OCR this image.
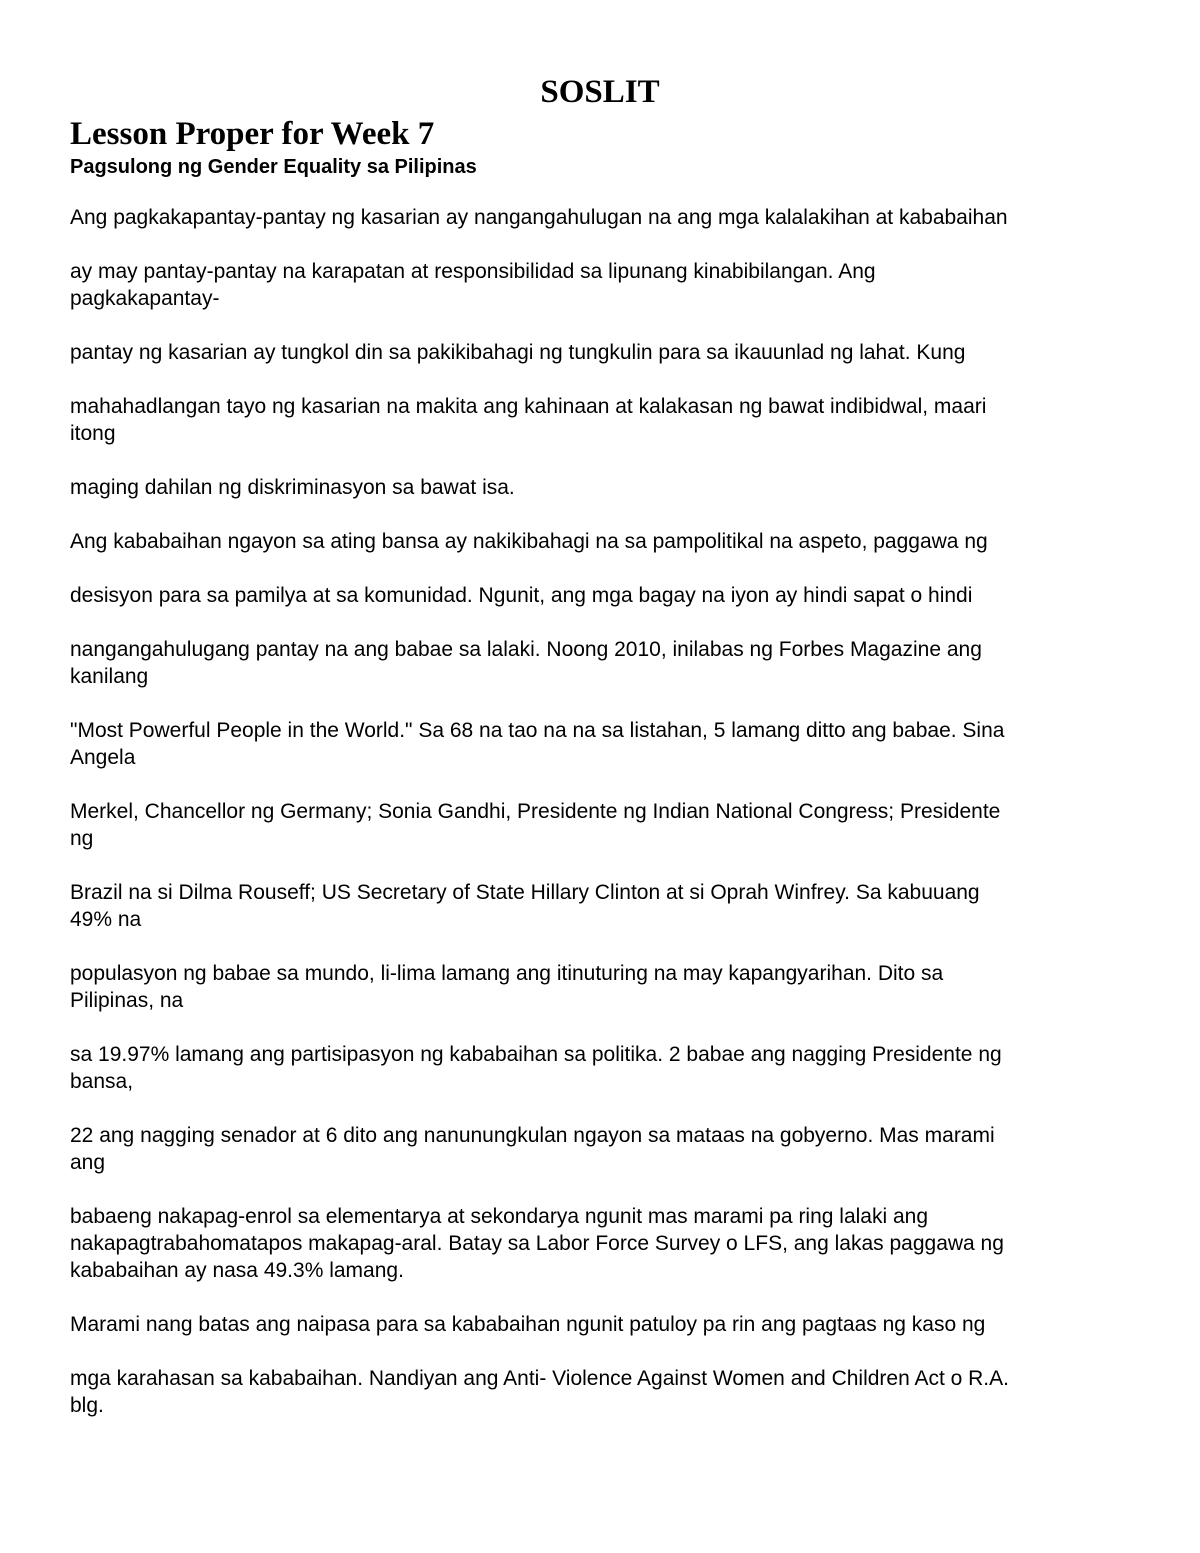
SOSLIT
Lesson Proper for Week 7
Pagsulong ng Gender Equality sa Pilipinas

Ang pagkakapantay-pantay ng kasarian ay nangangahulugan na ang mga kalalakihan at kababaihan

ay may pantay-pantay na karapatan at responsibilidad sa lipunang kinabibilangan. Ang
pagkakapantay-

pantay ng kasarian ay tungkol din sa pakikibahagi ng tungkulin para sa ikauunlad ng lahat. Kung

mahahadlangan tayo ng kasarian na makita ang kahinaan at kalakasan ng bawat indibidwal, maari
itong

maging dahilan ng diskriminasyon sa bawat isa.

Ang kababaihan ngayon sa ating bansa ay nakikibahagi na sa pampolitikal na aspeto, paggawa ng

desisyon para sa pamilya at sa komunidad. Ngunit, ang mga bagay na iyon ay hindi sapat o hindi

nangangahulugang pantay na ang babae sa lalaki. Noong 2010, inilabas ng Forbes Magazine ang
kanilang

"Most Powerful People in the World." Sa 68 na tao na na sa listahan, 5 lamang ditto ang babae. Sina
Angela

Merkel, Chancellor ng Germany; Sonia Gandhi, Presidente ng Indian National Congress; Presidente
ng

Brazil na si Dilma Rouseff; US Secretary of State Hillary Clinton at si Oprah Winfrey. Sa kabuuang
49% na

populasyon ng babae sa mundo, li-lima lamang ang itinuturing na may kapangyarihan. Dito sa
Pilipinas, na

sa 19.97% lamang ang partisipasyon ng kababaihan sa politika. 2 babae ang nagging Presidente ng
bansa,

22 ang nagging senador at 6 dito ang nanunungkulan ngayon sa mataas na gobyerno. Mas marami
ang

babaeng nakapag-enrol sa elementarya at sekondarya ngunit mas marami pa ring lalaki ang
nakapagtrabahomatapos makapag-aral. Batay sa Labor Force Survey o LFS, ang lakas paggawa ng
kababaihan ay nasa 49.3% lamang.

Marami nang batas ang naipasa para sa kababaihan ngunit patuloy pa rin ang pagtaas ng kaso ng

mga karahasan sa kababaihan. Nandiyan ang Anti- Violence Against Women and Children Act o R.A.
blg.
